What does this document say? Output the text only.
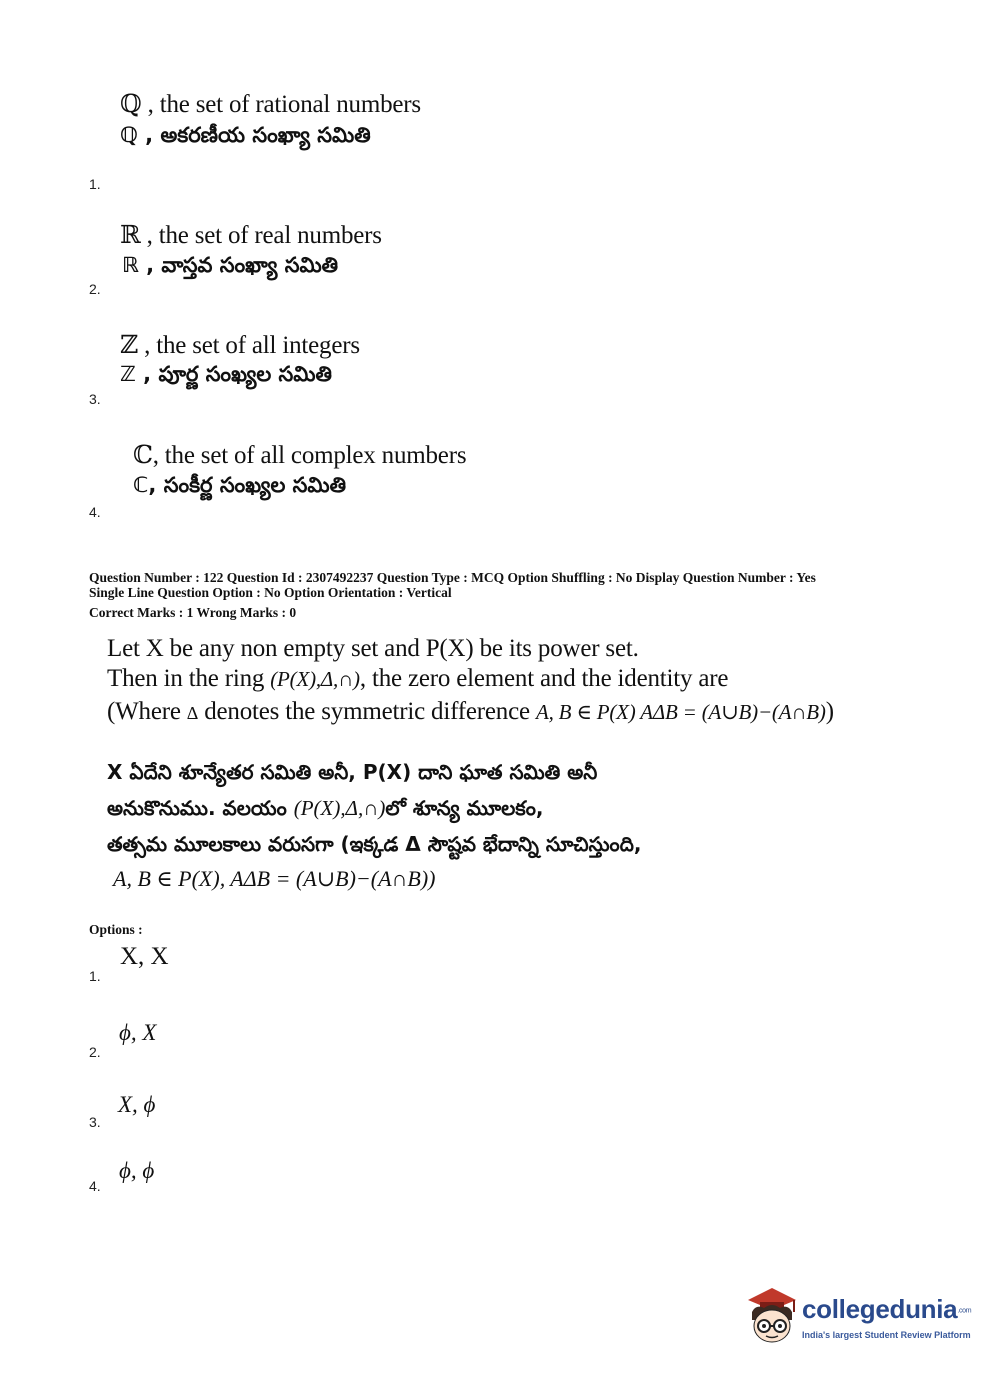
ℚ , the set of rational numbers
ℚ , అకరణీయ సంఖ్యా సమితి
1.
ℝ , the set of real numbers
ℝ , వాస్తవ సంఖ్యా సమితి
2.
ℤ , the set of all integers
ℤ , పూర్ణ సంఖ్యల సమితి
3.
ℂ, the set of all complex numbers
ℂ, సంకీర్ణ సంఖ్యల సమితి
4.
Question Number : 122 Question Id : 2307492237 Question Type : MCQ Option Shuffling : No Display Question Number : Yes
Single Line Question Option : No Option Orientation : Vertical
Correct Marks : 1 Wrong Marks : 0
Let X be any non empty set and P(X) be its power set.
Then in the ring (P(X),Δ,∩), the zero element and the identity are
(Where Δ denotes the symmetric difference A, B ∈ P(X) AΔB = (A∪B)−(A∩B))
X ఏదేని శూన్యేతర సమితి అనీ, P(X) దాని ఘాత సమితి అనీ
అనుకొనుము. వలయం (P(X),Δ,∩)లో శూన్య మూలకం,
తత్సమ మూలకాలు వరుసగా (ఇక్కడ Δ సౌష్టవ భేదాన్ని సూచిస్తుంది,
A, B ∈ P(X), AΔB = (A∪B)−(A∩B))
Options :
X, X
1.
ϕ, X
2.
X, ϕ
3.
ϕ, ϕ
4.
collegedunia.com
India's largest Student Review Platform
